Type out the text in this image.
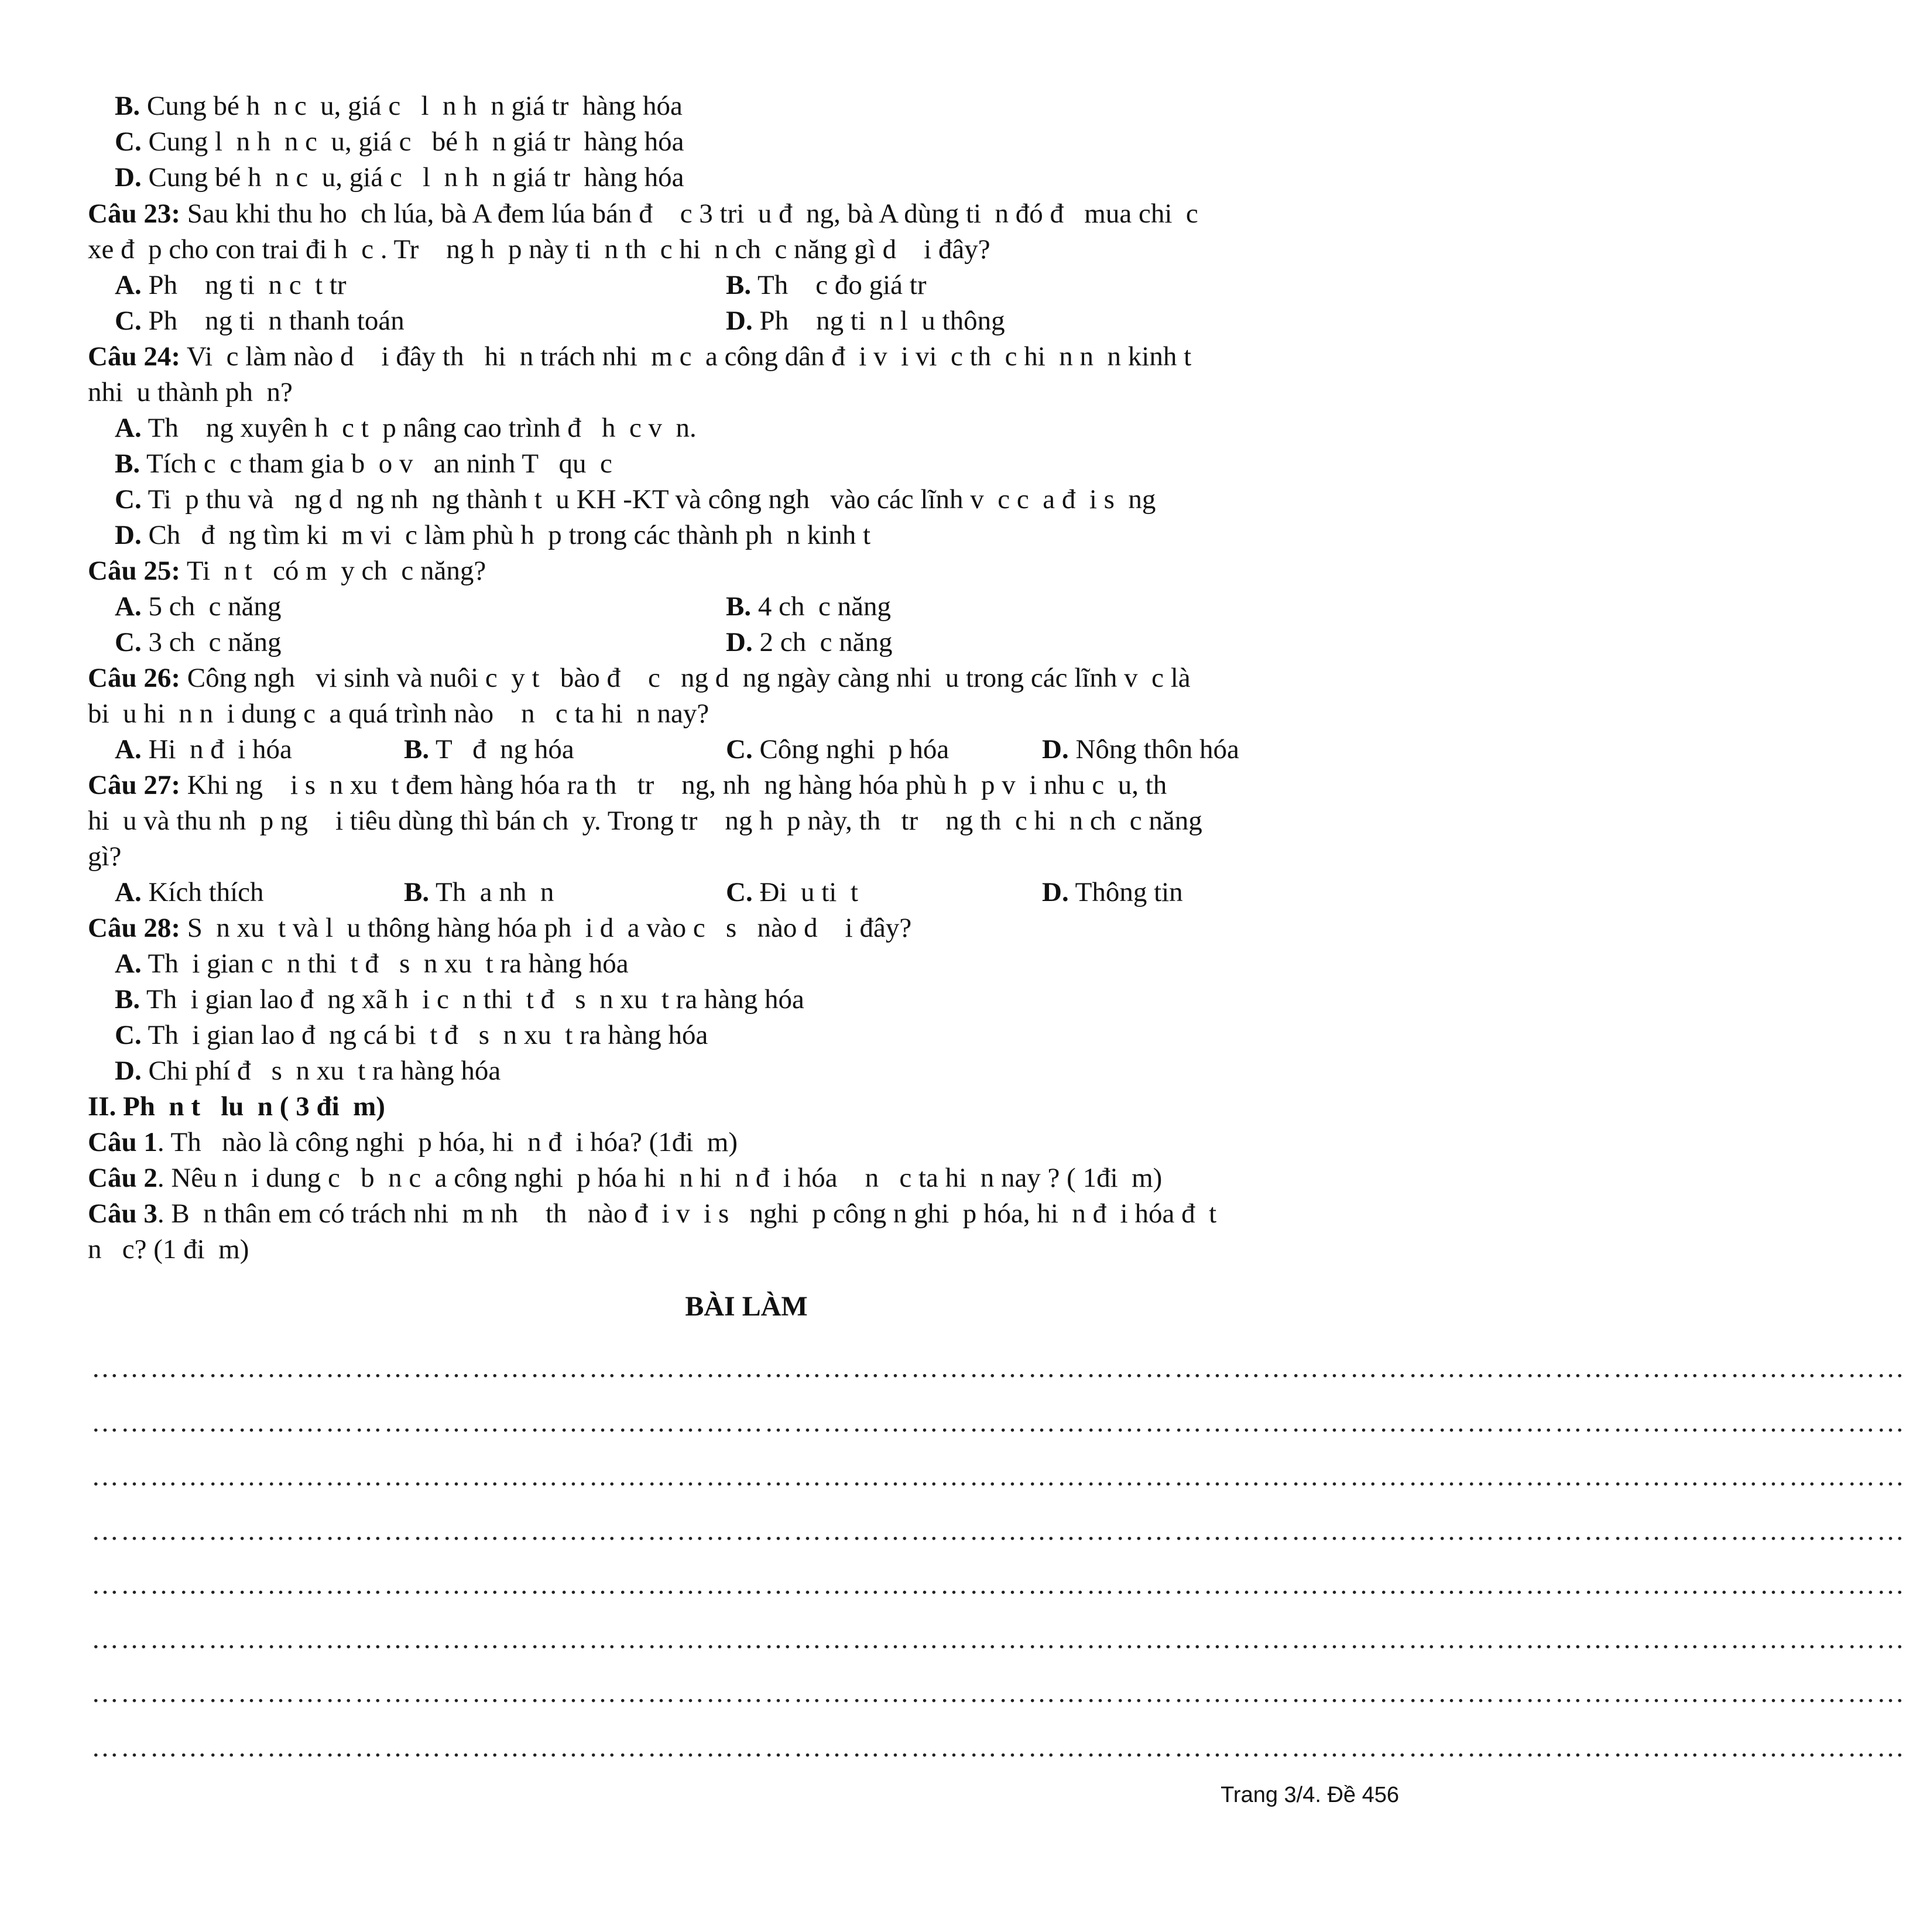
B. Cung bé h  n c  u, giá c   l  n h  n giá tr  hàng hóa
C. Cung l  n h  n c  u, giá c   bé h  n giá tr  hàng hóa
D. Cung bé h  n c  u, giá c   l  n h  n giá tr  hàng hóa
Câu 23: Sau khi thu ho  ch lúa, bà A đem lúa bán đ    c 3 tri  u đ  ng, bà A dùng ti  n đó đ   mua chi  c
xe đ  p cho con trai đi h  c . Tr    ng h  p này ti  n th  c hi  n ch  c năng gì d    i đây?
A. Ph    ng ti  n c  t tr	B. Th    c đo giá tr
C. Ph    ng ti  n thanh toán	D. Ph    ng ti  n l  u thông
Câu 24: Vi  c làm nào d    i đây th   hi  n trách nhi  m c  a công dân đ  i v  i vi  c th  c hi  n n  n kinh t
nhi  u thành ph  n?
A. Th    ng xuyên h  c t  p nâng cao trình đ   h  c v  n.
B. Tích c  c tham gia b  o v   an ninh T   qu  c
C. Ti  p thu và   ng d  ng nh  ng thành t  u KH -KT và công ngh   vào các lĩnh v  c c  a đ  i s  ng
D. Ch   đ  ng tìm ki  m vi  c làm phù h  p trong các thành ph  n kinh t
Câu 25: Ti  n t   có m  y ch  c năng?
A. 5 ch  c năng	B. 4 ch  c năng
C. 3 ch  c năng	D. 2 ch  c năng
Câu 26: Công ngh   vi sinh và nuôi c  y t   bào đ    c   ng d  ng ngày càng nhi  u trong các lĩnh v  c là
bi  u hi  n n  i dung c  a quá trình nào    n   c ta hi  n nay?
A. Hi  n đ  i hóa	B. T   đ  ng hóa	C. Công nghi  p hóa	D. Nông thôn hóa
Câu 27: Khi ng    i s  n xu  t đem hàng hóa ra th   tr    ng, nh  ng hàng hóa phù h  p v  i nhu c  u, th
hi  u và thu nh  p ng    i tiêu dùng thì bán ch  y. Trong tr    ng h  p này, th   tr    ng th  c hi  n ch  c năng
gì?
A. Kích thích	B. Th  a nh  n	C. Đi  u ti  t	D. Thông tin
Câu 28: S  n xu  t và l  u thông hàng hóa ph  i d  a vào c   s   nào d    i đây?
A. Th  i gian c  n thi  t đ   s  n xu  t ra hàng hóa
B. Th  i gian lao đ  ng xã h  i c  n thi  t đ   s  n xu  t ra hàng hóa
C. Th  i gian lao đ  ng cá bi  t đ   s  n xu  t ra hàng hóa
D. Chi phí đ   s  n xu  t ra hàng hóa
II. Ph  n t   lu  n ( 3 đi  m)
Câu 1. Th   nào là công nghi  p hóa, hi  n đ  i hóa? (1đi  m)
Câu 2. Nêu n  i dung c   b  n c  a công nghi  p hóa hi  n hi  n đ  i hóa    n   c ta hi  n nay ? ( 1đi  m)
Câu 3. B  n thân em có trách nhi  m nh    th   nào đ  i v  i s   nghi  p công n ghi  p hóa, hi  n đ  i hóa đ  t
n   c? (1 đi  m)
BÀI LÀM
……………………………………………………………………………………………………………………………………………………………………
……………………………………………………………………………………………………………………………………………………………………
……………………………………………………………………………………………………………………………………………………………………
……………………………………………………………………………………………………………………………………………………………………
……………………………………………………………………………………………………………………………………………………………………
……………………………………………………………………………………………………………………………………………………………………
……………………………………………………………………………………………………………………………………………………………………
……………………………………………………………………………………………………………………………………………………………………
Trang 3/4. Đề 456
